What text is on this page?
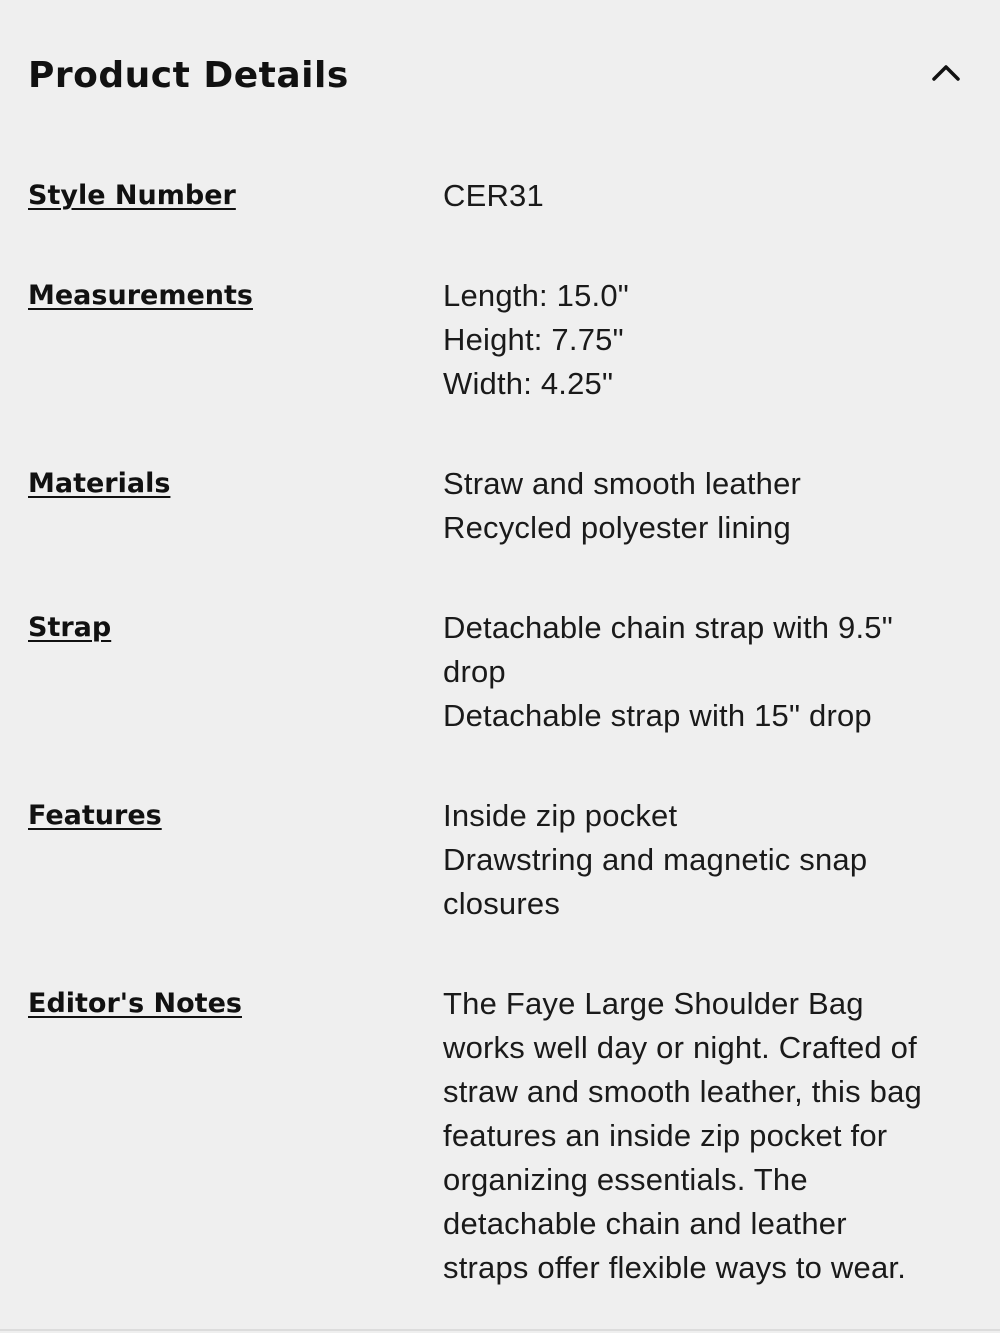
Product Details
Style Number	CER31
Measurements	Length: 15.0"
Height: 7.75"
Width: 4.25"
Materials	Straw and smooth leather
Recycled polyester lining
Strap	Detachable chain strap with 9.5"
drop
Detachable strap with 15" drop
Features	Inside zip pocket
Drawstring and magnetic snap
closures
Editor's Notes	The Faye Large Shoulder Bag
works well day or night. Crafted of
straw and smooth leather, this bag
features an inside zip pocket for
organizing essentials. The
detachable chain and leather
straps offer flexible ways to wear.
